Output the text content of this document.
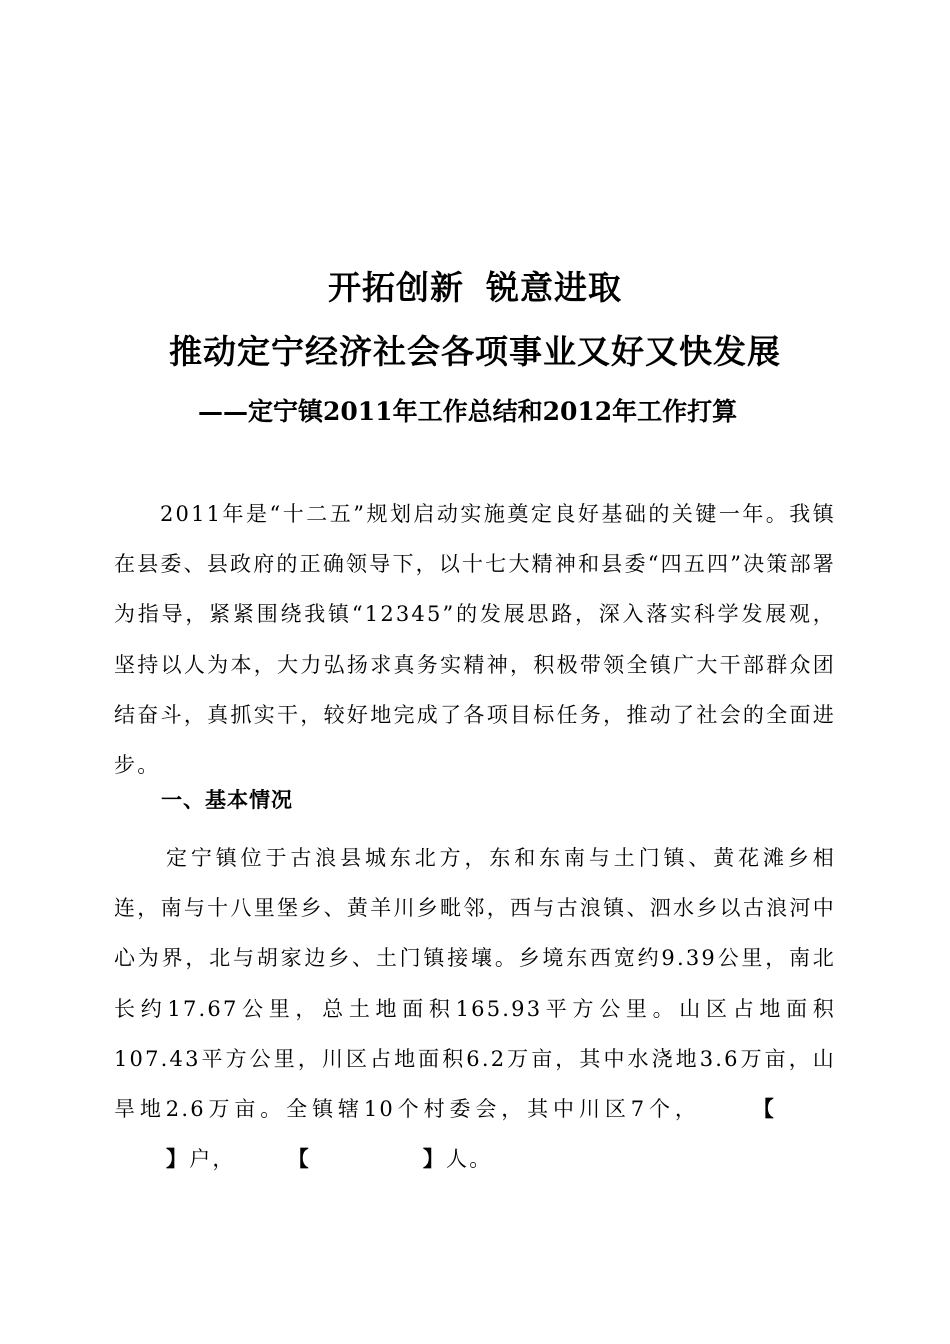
开拓创新 锐意进取
推动定宁经济社会各项事业又好又快发展
——定宁镇2011年工作总结和2012年工作打算
2011年是“十二五”规划启动实施奠定良好基础的关键一年。我镇在县委、县政府的正确领导下，以十七大精神和县委“四五四”决策部署为指导，紧紧围绕我镇“12345”的发展思路，深入落实科学发展观，坚持以人为本，大力弘扬求真务实精神，积极带领全镇广大干部群众团结奋斗，真抓实干，较好地完成了各项目标任务，推动了社会的全面进步。
一、基本情况
定宁镇位于古浪县城东北方，东和东南与土门镇、黄花滩乡相连，南与十八里堡乡、黄羊川乡毗邻，西与古浪镇、泗水乡以古浪河中心为界，北与胡家边乡、土门镇接壤。乡境东西宽约9.39公里，南北长约17.67公里，总土地面积165.93平方公里。山区占地面积107.43平方公里，川区占地面积6.2万亩，其中水浇地3.6万亩，山旱地2.6万亩。全镇辖10个村委会，其中川区7个， 【】户， 【	】人。
